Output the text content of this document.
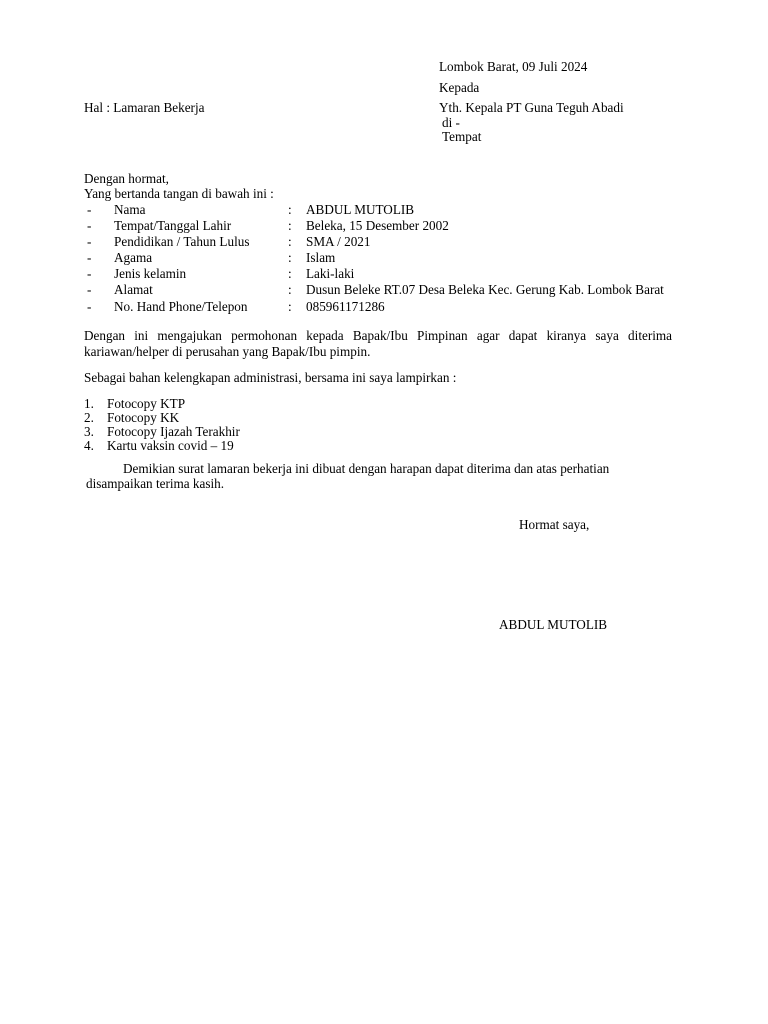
Lombok Barat, 09 Juli 2024
Kepada
Hal : Lamaran Bekerja	Yth. Kepala PT Guna Teguh Abadi
di -
Tempat
Dengan hormat,
Yang bertanda tangan di bawah ini :
- Nama	: ABDUL MUTOLIB
- Tempat/Tanggal Lahir	: Beleka, 15 Desember 2002
- Pendidikan / Tahun Lulus	: SMA / 2021
- Agama	: Islam
- Jenis kelamin	: Laki-laki
- Alamat	: Dusun Beleke RT.07 Desa Beleka Kec. Gerung Kab. Lombok Barat
- No. Hand Phone/Telepon	: 085961171286
Dengan ini mengajukan permohonan kepada Bapak/Ibu Pimpinan agar dapat kiranya saya diterima kariawan/helper di perusahan yang Bapak/Ibu pimpin.
Sebagai bahan kelengkapan administrasi, bersama ini saya lampirkan :
1. Fotocopy KTP
2. Fotocopy KK
3. Fotocopy Ijazah Terakhir
4. Kartu vaksin covid – 19
Demikian surat lamaran bekerja ini dibuat dengan harapan dapat diterima dan atas perhatian
disampaikan terima kasih.
Hormat saya,
ABDUL MUTOLIB
